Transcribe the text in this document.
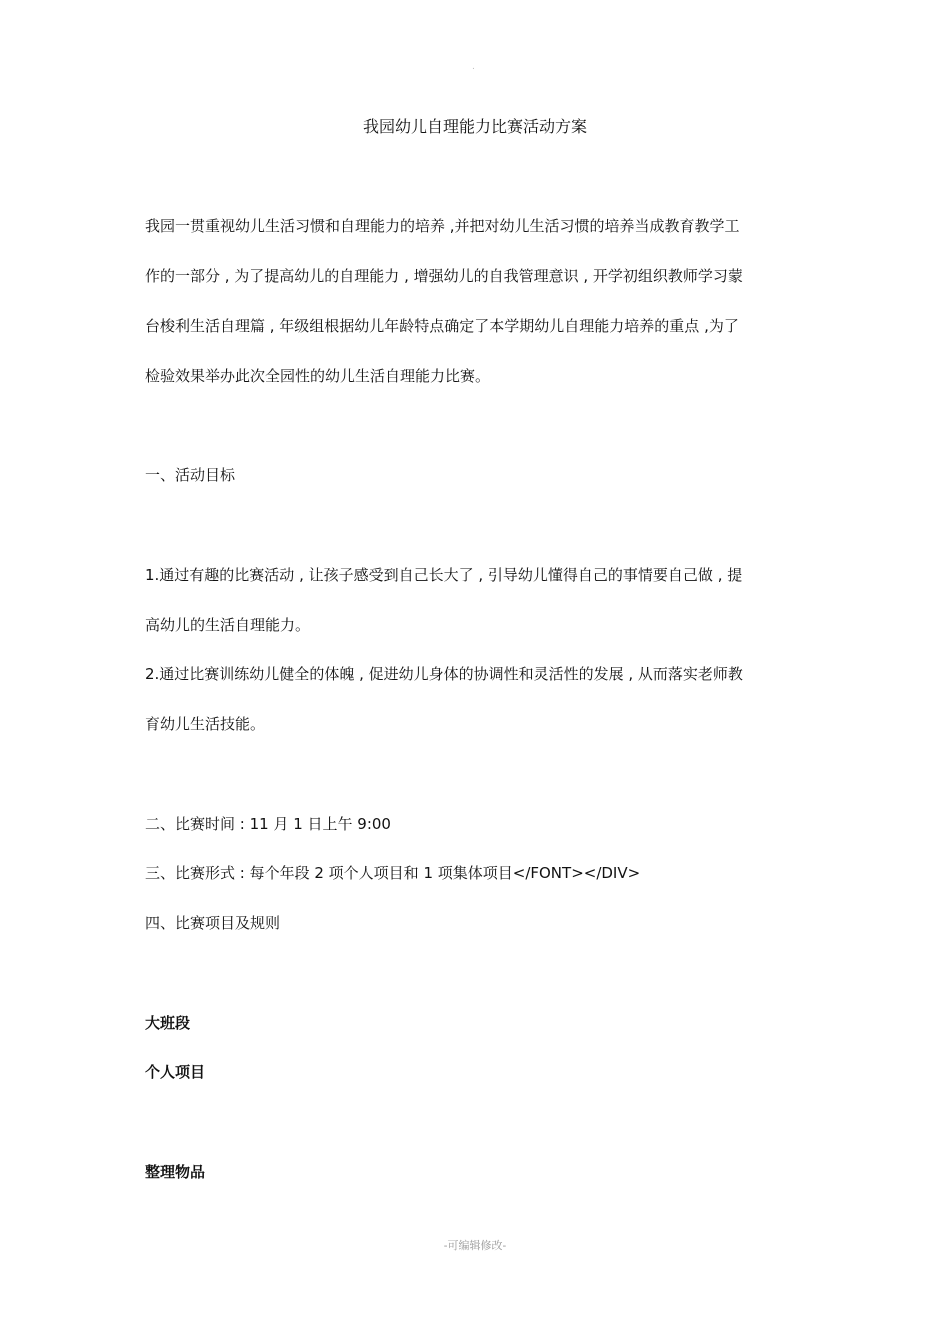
.
我园幼儿自理能力比赛活动方案
我园一贯重视幼儿生活习惯和自理能力的培养 ,并把对幼儿生活习惯的培养当成教育教学工
作的一部分 , 为了提高幼儿的自理能力 , 增强幼儿的自我管理意识 , 开学初组织教师学习蒙
台梭利生活自理篇 , 年级组根据幼儿年龄特点确定了本学期幼儿自理能力培养的重点 ,为了
检验效果举办此次全园性的幼儿生活自理能力比赛。
一、活动目标
1.通过有趣的比赛活动 , 让孩子感受到自己长大了 , 引导幼儿懂得自己的事情要自己做 , 提
高幼儿的生活自理能力。
2.通过比赛训练幼儿健全的体魄 , 促进幼儿身体的协调性和灵活性的发展 , 从而落实老师教
育幼儿生活技能。
二、比赛时间 : 11 月 1 日上午 9:00
三、比赛形式 : 每个年段 2 项个人项目和 1 项集体项目</FONT></DIV>
四、比赛项目及规则
大班段
个人项目
整理物品
-可编辑修改-
